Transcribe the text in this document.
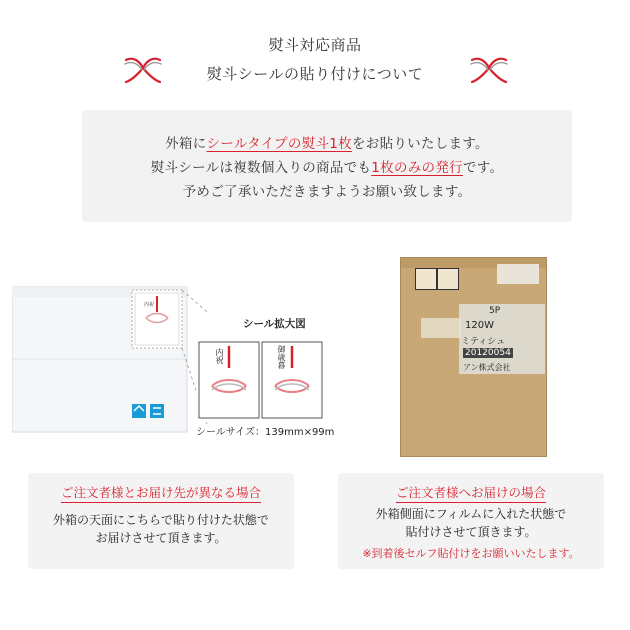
熨斗対応商品
熨斗シールの貼り付けについて
外箱にシールタイプの熨斗1枚をお貼りいたします。
熨斗シールは複数個入りの商品でも1枚のみの発行です。
予めご了承いただきますようお願い致します。
内祝
シール拡大図
シールサイズ：139mm×99m
内祝	御歳暮
5P
120W
ミティシュ
20120054
アン株式会社
ご注文者様とお届け先が異なる場合
外箱の天面にこちらで貼り付けた状態で
お届けさせて頂きます。
ご注文者様へお届けの場合
外箱側面にフィルムに入れた状態で
貼付けさせて頂きます。
※到着後セルフ貼付けをお願いいたします。
